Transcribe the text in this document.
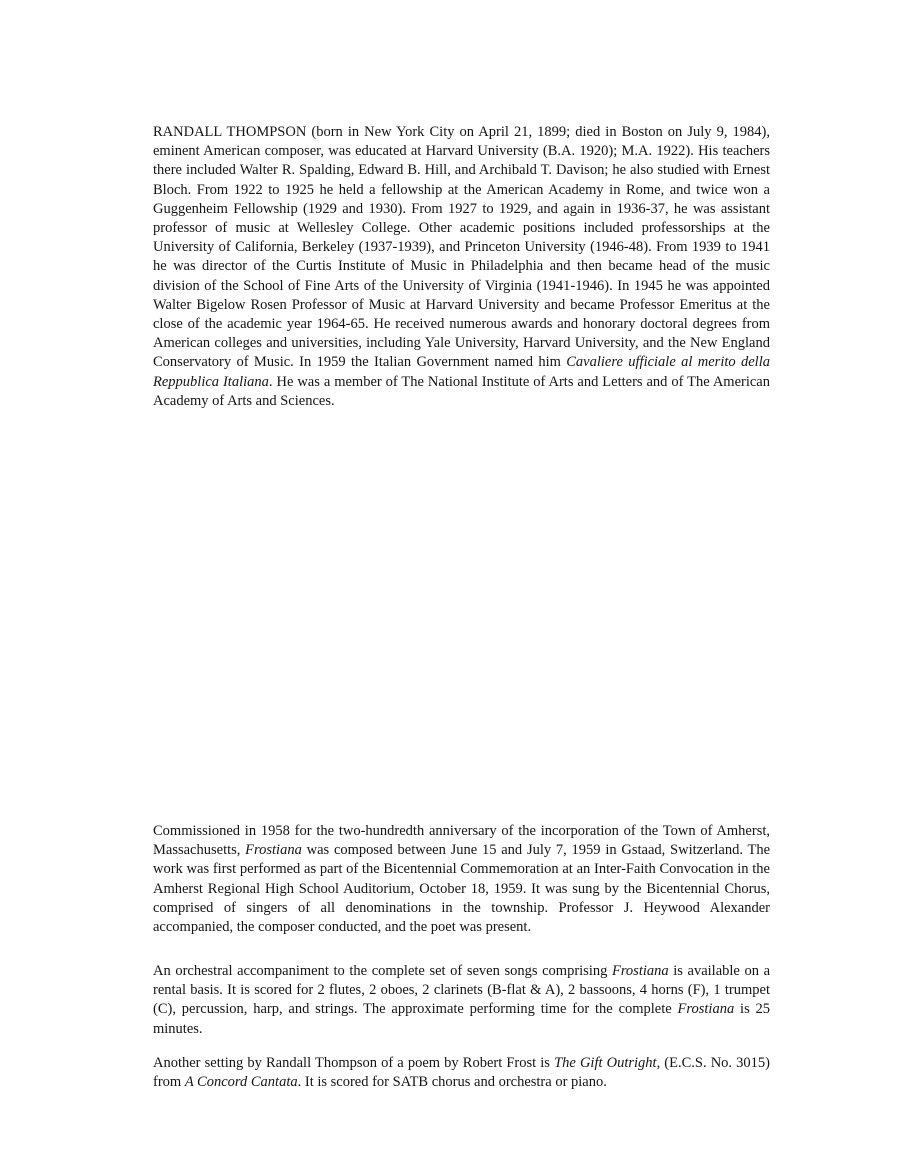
RANDALL THOMPSON (born in New York City on April 21, 1899; died in Boston on July 9, 1984), eminent American composer, was educated at Harvard University (B.A. 1920); M.A. 1922). His teachers there included Walter R. Spalding, Edward B. Hill, and Archibald T. Davison; he also studied with Ernest Bloch. From 1922 to 1925 he held a fellowship at the American Academy in Rome, and twice won a Guggenheim Fellowship (1929 and 1930). From 1927 to 1929, and again in 1936-37, he was assistant professor of music at Wellesley College. Other academic positions included professorships at the University of California, Berkeley (1937-1939), and Princeton University (1946-48). From 1939 to 1941 he was director of the Curtis Institute of Music in Philadelphia and then became head of the music division of the School of Fine Arts of the University of Virginia (1941-1946). In 1945 he was appointed Walter Bigelow Rosen Professor of Music at Harvard University and became Professor Emeritus at the close of the academic year 1964-65. He received numerous awards and honorary doctoral degrees from American colleges and universities, including Yale University, Harvard University, and the New England Conservatory of Music. In 1959 the Italian Government named him Cavaliere ufficiale al merito della Reppublica Italiana. He was a member of The National Institute of Arts and Letters and of The American Academy of Arts and Sciences.

Commissioned in 1958 for the two-hundredth anniversary of the incorporation of the Town of Amherst, Massachusetts, Frostiana was composed between June 15 and July 7, 1959 in Gstaad, Switzerland. The work was first performed as part of the Bicentennial Commemoration at an Inter-Faith Convocation in the Amherst Regional High School Auditorium, October 18, 1959. It was sung by the Bicentennial Chorus, comprised of singers of all denominations in the township. Professor J. Heywood Alexander accompanied, the composer conducted, and the poet was present.

An orchestral accompaniment to the complete set of seven songs comprising Frostiana is available on a rental basis. It is scored for 2 flutes, 2 oboes, 2 clarinets (B-flat & A), 2 bassoons, 4 horns (F), 1 trumpet (C), percussion, harp, and strings. The approximate performing time for the complete Frostiana is 25 minutes.

Another setting by Randall Thompson of a poem by Robert Frost is The Gift Outright, (E.C.S. No. 3015) from A Concord Cantata. It is scored for SATB chorus and orchestra or piano.
